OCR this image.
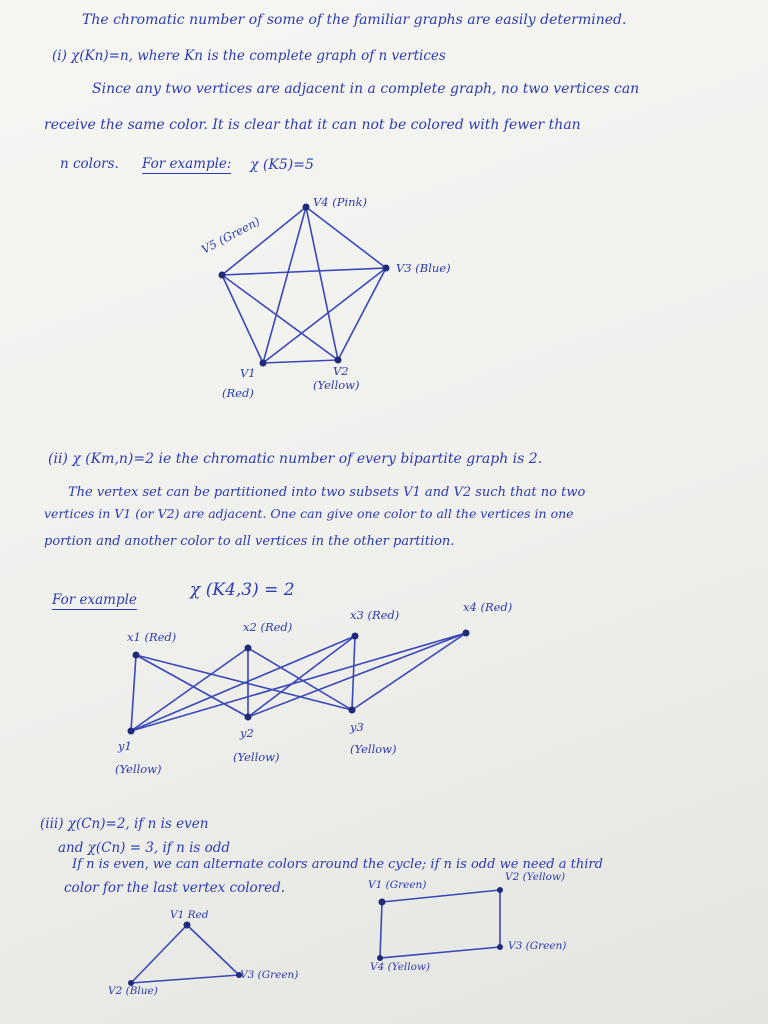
The chromatic number of some of the familiar graphs are easily determined.
(i) χ(Kn)=n, where Kn is the complete graph of n vertices
Since any two vertices are adjacent in a complete graph, no two vertices can
receive the same color. It is clear that it can not be colored with fewer than
n colors. For example: χ (K5)=5
V4 (Pink)
V5 (Green)
V3 (Blue)
V1
(Red)
V2
(Yellow)
(ii) χ (Km,n)=2 ie the chromatic number of every bipartite graph is 2.
The vertex set can be partitioned into two subsets V1 and V2 such that no two
vertices in V1 (or V2) are adjacent. One can give one color to all the vertices in one
portion and another color to all vertices in the other partition.
For example	χ (K4,3) = 2
x1 (Red)
x2 (Red)
x3 (Red)
x4 (Red)
y1
(Yellow)
y2
(Yellow)
y3
(Yellow)
(iii) χ(Cn)=2, if n is even
and χ(Cn) = 3, if n is odd
If n is even, we can alternate colors around the cycle; if n is odd we need a third
color for the last vertex colored.
V1 Red
V2 (Blue)
V3 (Green)
V1 (Green)
V2 (Yellow)
V3 (Green)
V4 (Yellow)
